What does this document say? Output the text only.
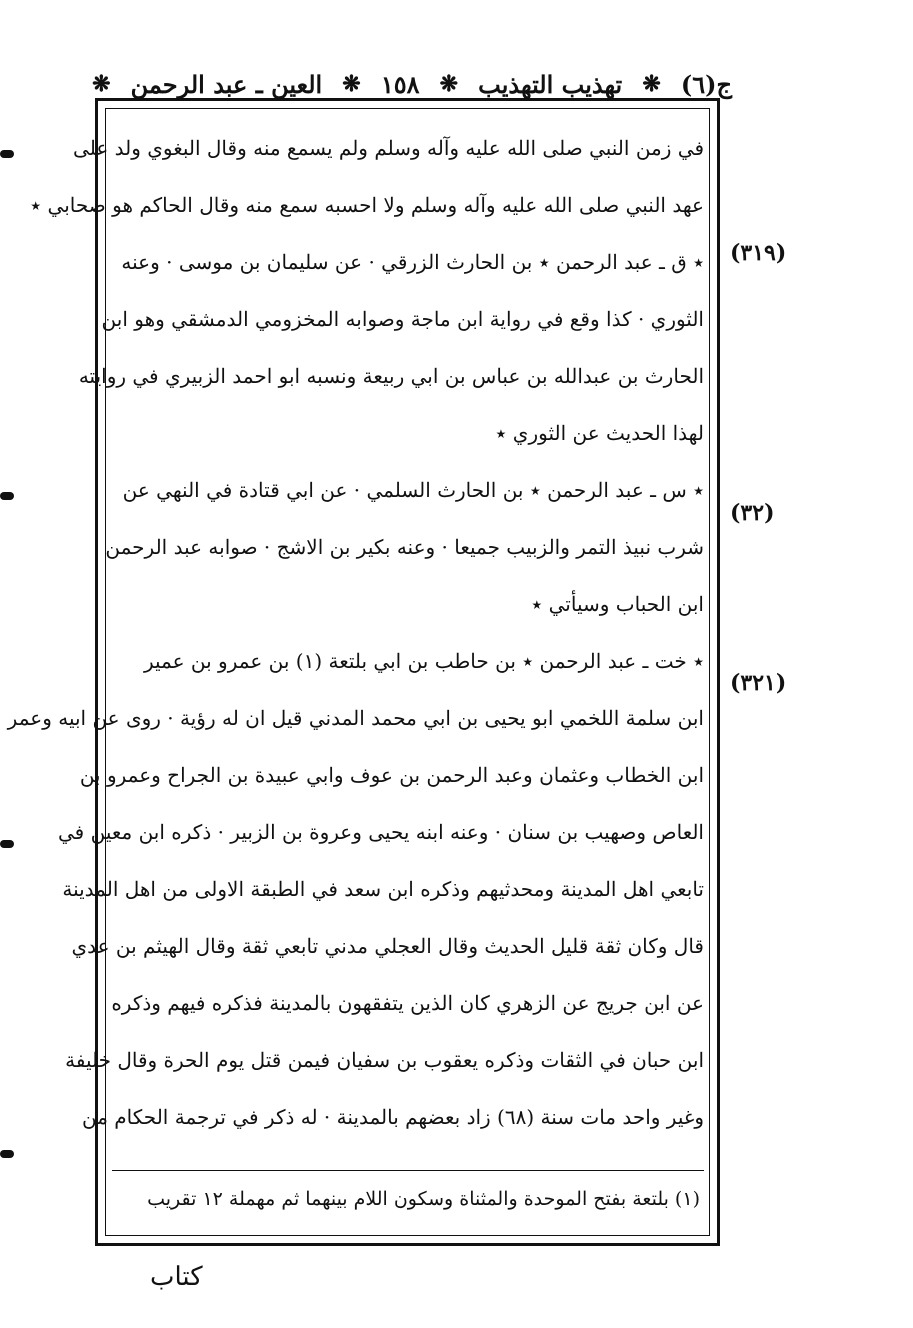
ج(٦)
❋
تهذيب التهذيب
❋
١٥٨
❋
العين ـ عبد الرحمن
❋
(٣١٩)
(٣٢)
(٣٢١)
في زمن النبي صلى الله عليه وآله وسلم ولم يسمع منه وقال البغوي ولد على
عهد النبي صلى الله عليه وآله وسلم ولا احسبه سمع منه وقال الحاكم هو صحابي ٭
٭ ق ـ عبد الرحمن ٭ بن الحارث الزرقي · عن سليمان بن موسى · وعنه
الثوري · كذا وقع في رواية ابن ماجة وصوابه المخزومي الدمشقي وهو ابن
الحارث بن عبدالله بن عباس بن ابي ربيعة ونسبه ابو احمد الزبيري في روايته
لهذا الحديث عن الثوري ٭
٭ س ـ عبد الرحمن ٭ بن الحارث السلمي · عن ابي قتادة في النهي عن
شرب نبيذ التمر والزبيب جميعا · وعنه بكير بن الاشج · صوابه عبد الرحمن
ابن الحباب وسيأتي ٭
٭ خت ـ عبد الرحمن ٭ بن حاطب بن ابي بلتعة (١) بن عمرو بن عمير
ابن سلمة اللخمي ابو يحيى بن ابي محمد المدني قيل ان له رؤية · روى عن ابيه وعمر
ابن الخطاب وعثمان وعبد الرحمن بن عوف وابي عبيدة بن الجراح وعمرو بن
العاص وصهيب بن سنان · وعنه ابنه يحيى وعروة بن الزبير · ذكره ابن معين في
تابعي اهل المدينة ومحدثيهم وذكره ابن سعد في الطبقة الاولى من اهل المدينة
قال وكان ثقة قليل الحديث وقال العجلي مدني تابعي ثقة وقال الهيثم بن عدي
عن ابن جريج عن الزهري كان الذين يتفقهون بالمدينة فذكره فيهم وذكره
ابن حبان في الثقات وذكره يعقوب بن سفيان فيمن قتل يوم الحرة وقال خليفة
وغير واحد مات سنة (٦٨) زاد بعضهم بالمدينة · له ذكر في ترجمة الحكام من
(١) بلتعة بفتح الموحدة والمثناة وسكون اللام بينهما ثم مهملة ١٢ تقريب
كتاب
